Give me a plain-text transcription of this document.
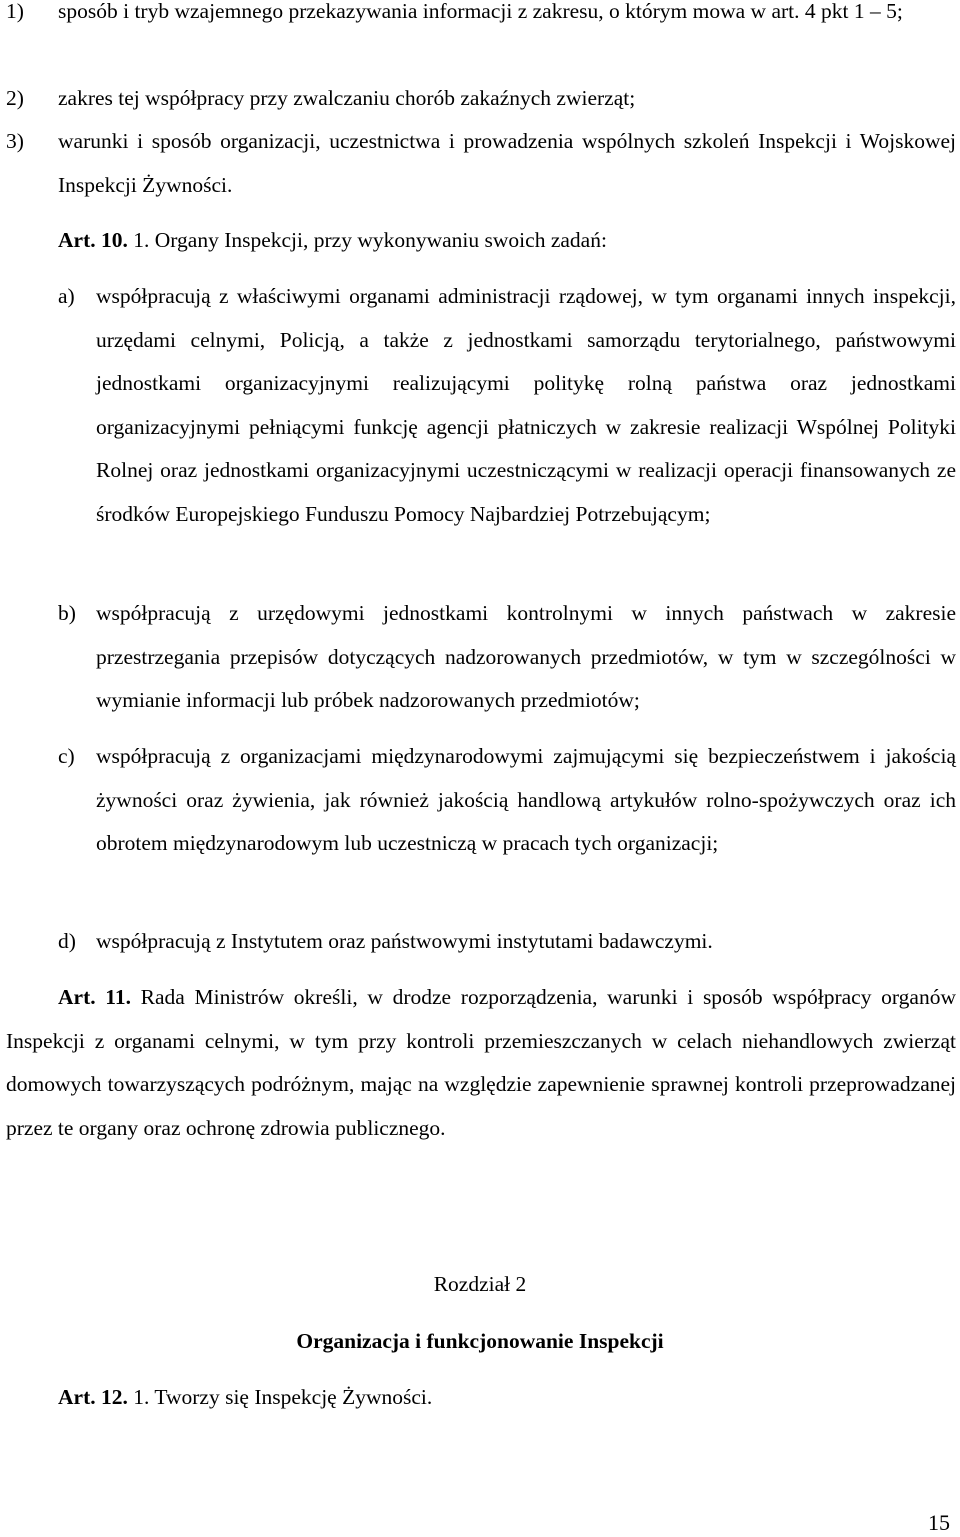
1)	sposób i tryb wzajemnego przekazywania informacji z zakresu, o którym mowa w art. 4 pkt 1 – 5;
2)	zakres tej współpracy przy zwalczaniu chorób zakaźnych zwierząt;
3)	warunki i sposób organizacji, uczestnictwa i prowadzenia wspólnych szkoleń Inspekcji i Wojskowej Inspekcji Żywności.

Art. 10. 1. Organy Inspekcji, przy wykonywaniu swoich zadań:

a) współpracują z właściwymi organami administracji rządowej, w tym organami innych inspekcji, urzędami celnymi, Policją, a także z jednostkami samorządu terytorialnego, państwowymi jednostkami organizacyjnymi realizującymi politykę rolną państwa oraz jednostkami organizacyjnymi pełniącymi funkcję agencji płatniczych w zakresie realizacji Wspólnej Polityki Rolnej oraz jednostkami organizacyjnymi uczestniczącymi w realizacji operacji finansowanych ze środków Europejskiego Funduszu Pomocy Najbardziej Potrzebującym;
b) współpracują z urzędowymi jednostkami kontrolnymi w innych państwach w zakresie przestrzegania przepisów dotyczących nadzorowanych przedmiotów, w tym w szczególności w wymianie informacji lub próbek nadzorowanych przedmiotów;
c) współpracują z organizacjami międzynarodowymi zajmującymi się bezpieczeństwem i jakością żywności oraz żywienia, jak również jakością handlową artykułów rolno-spożywczych oraz ich obrotem międzynarodowym lub uczestniczą w pracach tych organizacji;
d) współpracują z Instytutem oraz państwowymi instytutami badawczymi.

Art. 11. Rada Ministrów określi, w drodze rozporządzenia, warunki i sposób współpracy organów Inspekcji z organami celnymi, w tym przy kontroli przemieszczanych w celach niehandlowych zwierząt domowych towarzyszących podróżnym, mając na względzie zapewnienie sprawnej kontroli przeprowadzanej przez te organy oraz ochronę zdrowia publicznego.

Rozdział 2
Organizacja i funkcjonowanie Inspekcji

Art. 12. 1. Tworzy się Inspekcję Żywności.

15
